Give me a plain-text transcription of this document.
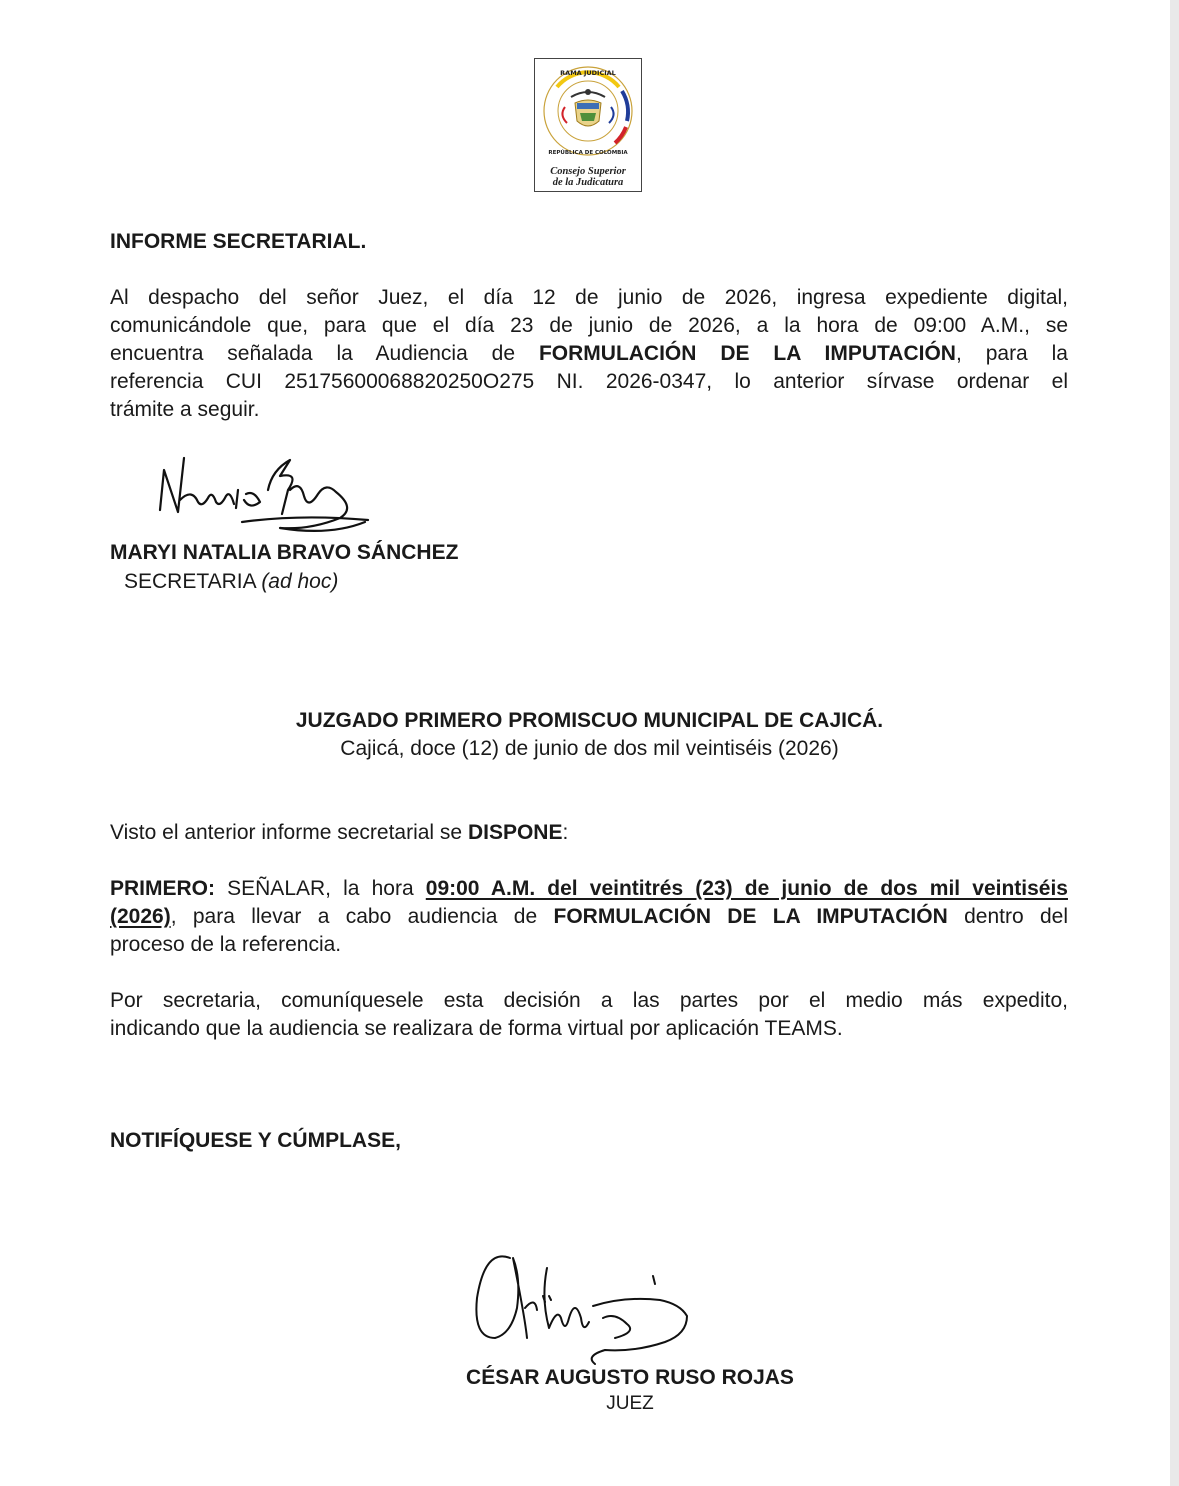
RAMA JUDICIAL
REPÚBLICA DE COLOMBIA
Consejo Superior
de la Judicatura
INFORME SECRETARIAL.
Al despacho del señor Juez, el día 12 de junio de 2026, ingresa expediente digital,
comunicándole que, para que el día 23 de junio de 2026, a la hora de 09:00 A.M., se
encuentra señalada la Audiencia de FORMULACIÓN DE LA IMPUTACIÓN, para la
referencia CUI 25175600068820250O275 NI. 2026-0347, lo anterior sírvase ordenar el
trámite a seguir.
MARYI NATALIA BRAVO SÁNCHEZ
SECRETARIA (ad hoc)
JUZGADO PRIMERO PROMISCUO MUNICIPAL DE CAJICÁ.
Cajicá, doce (12) de junio de dos mil veintiséis (2026)
Visto el anterior informe secretarial se DISPONE:
PRIMERO: SEÑALAR, la hora 09:00 A.M. del veintitrés (23) de junio de dos mil veintiséis
(2026), para llevar a cabo audiencia de FORMULACIÓN DE LA IMPUTACIÓN dentro del
proceso de la referencia.
Por secretaria, comuníquesele esta decisión a las partes por el medio más expedito,
indicando que la audiencia se realizara de forma virtual por aplicación TEAMS.
NOTIFÍQUESE Y CÚMPLASE,
CÉSAR AUGUSTO RUSO ROJAS
JUEZ
